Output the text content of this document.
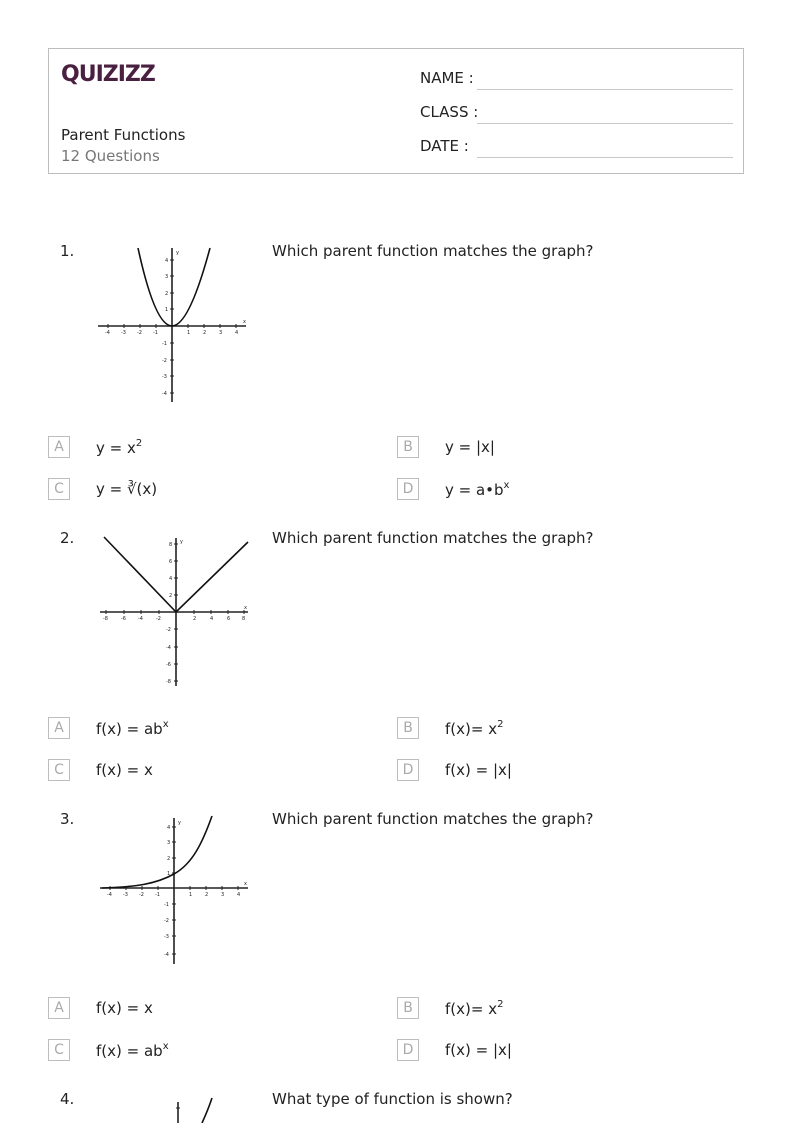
QUIZIZZ
Parent Functions
12 Questions
NAME :
CLASS :
DATE :
1.	Which parent function matches the graph?
-4 -3 -2 -1	1	2	3	4
4
3
2
1
-1
-2
-3
-4
x
y
A	$y = x^2$	B	y = |x|
C	y = ∛(x)	D	$y = a•b^x$
2.	Which parent function matches the graph?
-8	-6 -4	-2	2	4	6 8
8
6
4
2
-2
-4
-6
-8
x
y
A	$f(x) = ab^x$	B	$f(x)= x^2$
C	f(x) = x	D	f(x) = |x|
3.	Which parent function matches the graph?
-4 -3 -2 -1	1	2	3	4
4
3
2
1
-1
-2
-3
-4
x
y
A	f(x) = x	B	$f(x)= x^2$
C	$f(x) = ab^x$	D	f(x) = |x|
4.	What type of function is shown?
